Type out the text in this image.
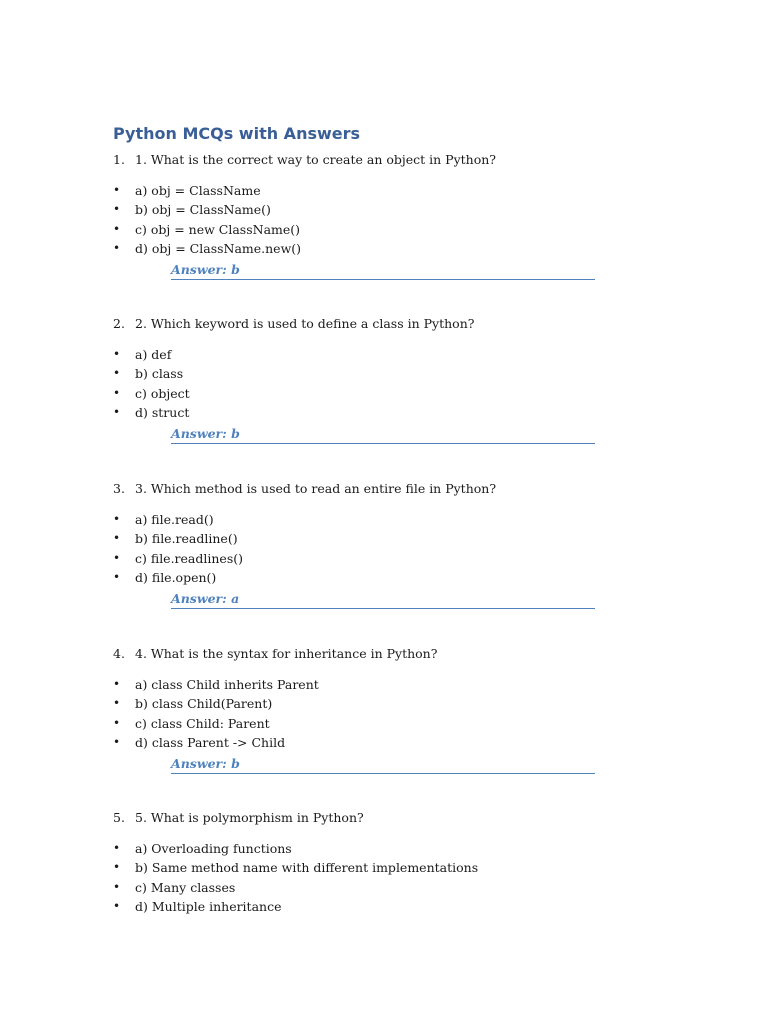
Python MCQs with Answers
1. 1. What is the correct way to create an object in Python?
• a) obj = ClassName
• b) obj = ClassName()
• c) obj = new ClassName()
• d) obj = ClassName.new()
Answer: b
2. 2. Which keyword is used to define a class in Python?
• a) def
• b) class
• c) object
• d) struct
Answer: b
3. 3. Which method is used to read an entire file in Python?
• a) file.read()
• b) file.readline()
• c) file.readlines()
• d) file.open()
Answer: a
4. 4. What is the syntax for inheritance in Python?
• a) class Child inherits Parent
• b) class Child(Parent)
• c) class Child: Parent
• d) class Parent -> Child
Answer: b
5. 5. What is polymorphism in Python?
• a) Overloading functions
• b) Same method name with different implementations
• c) Many classes
• d) Multiple inheritance
